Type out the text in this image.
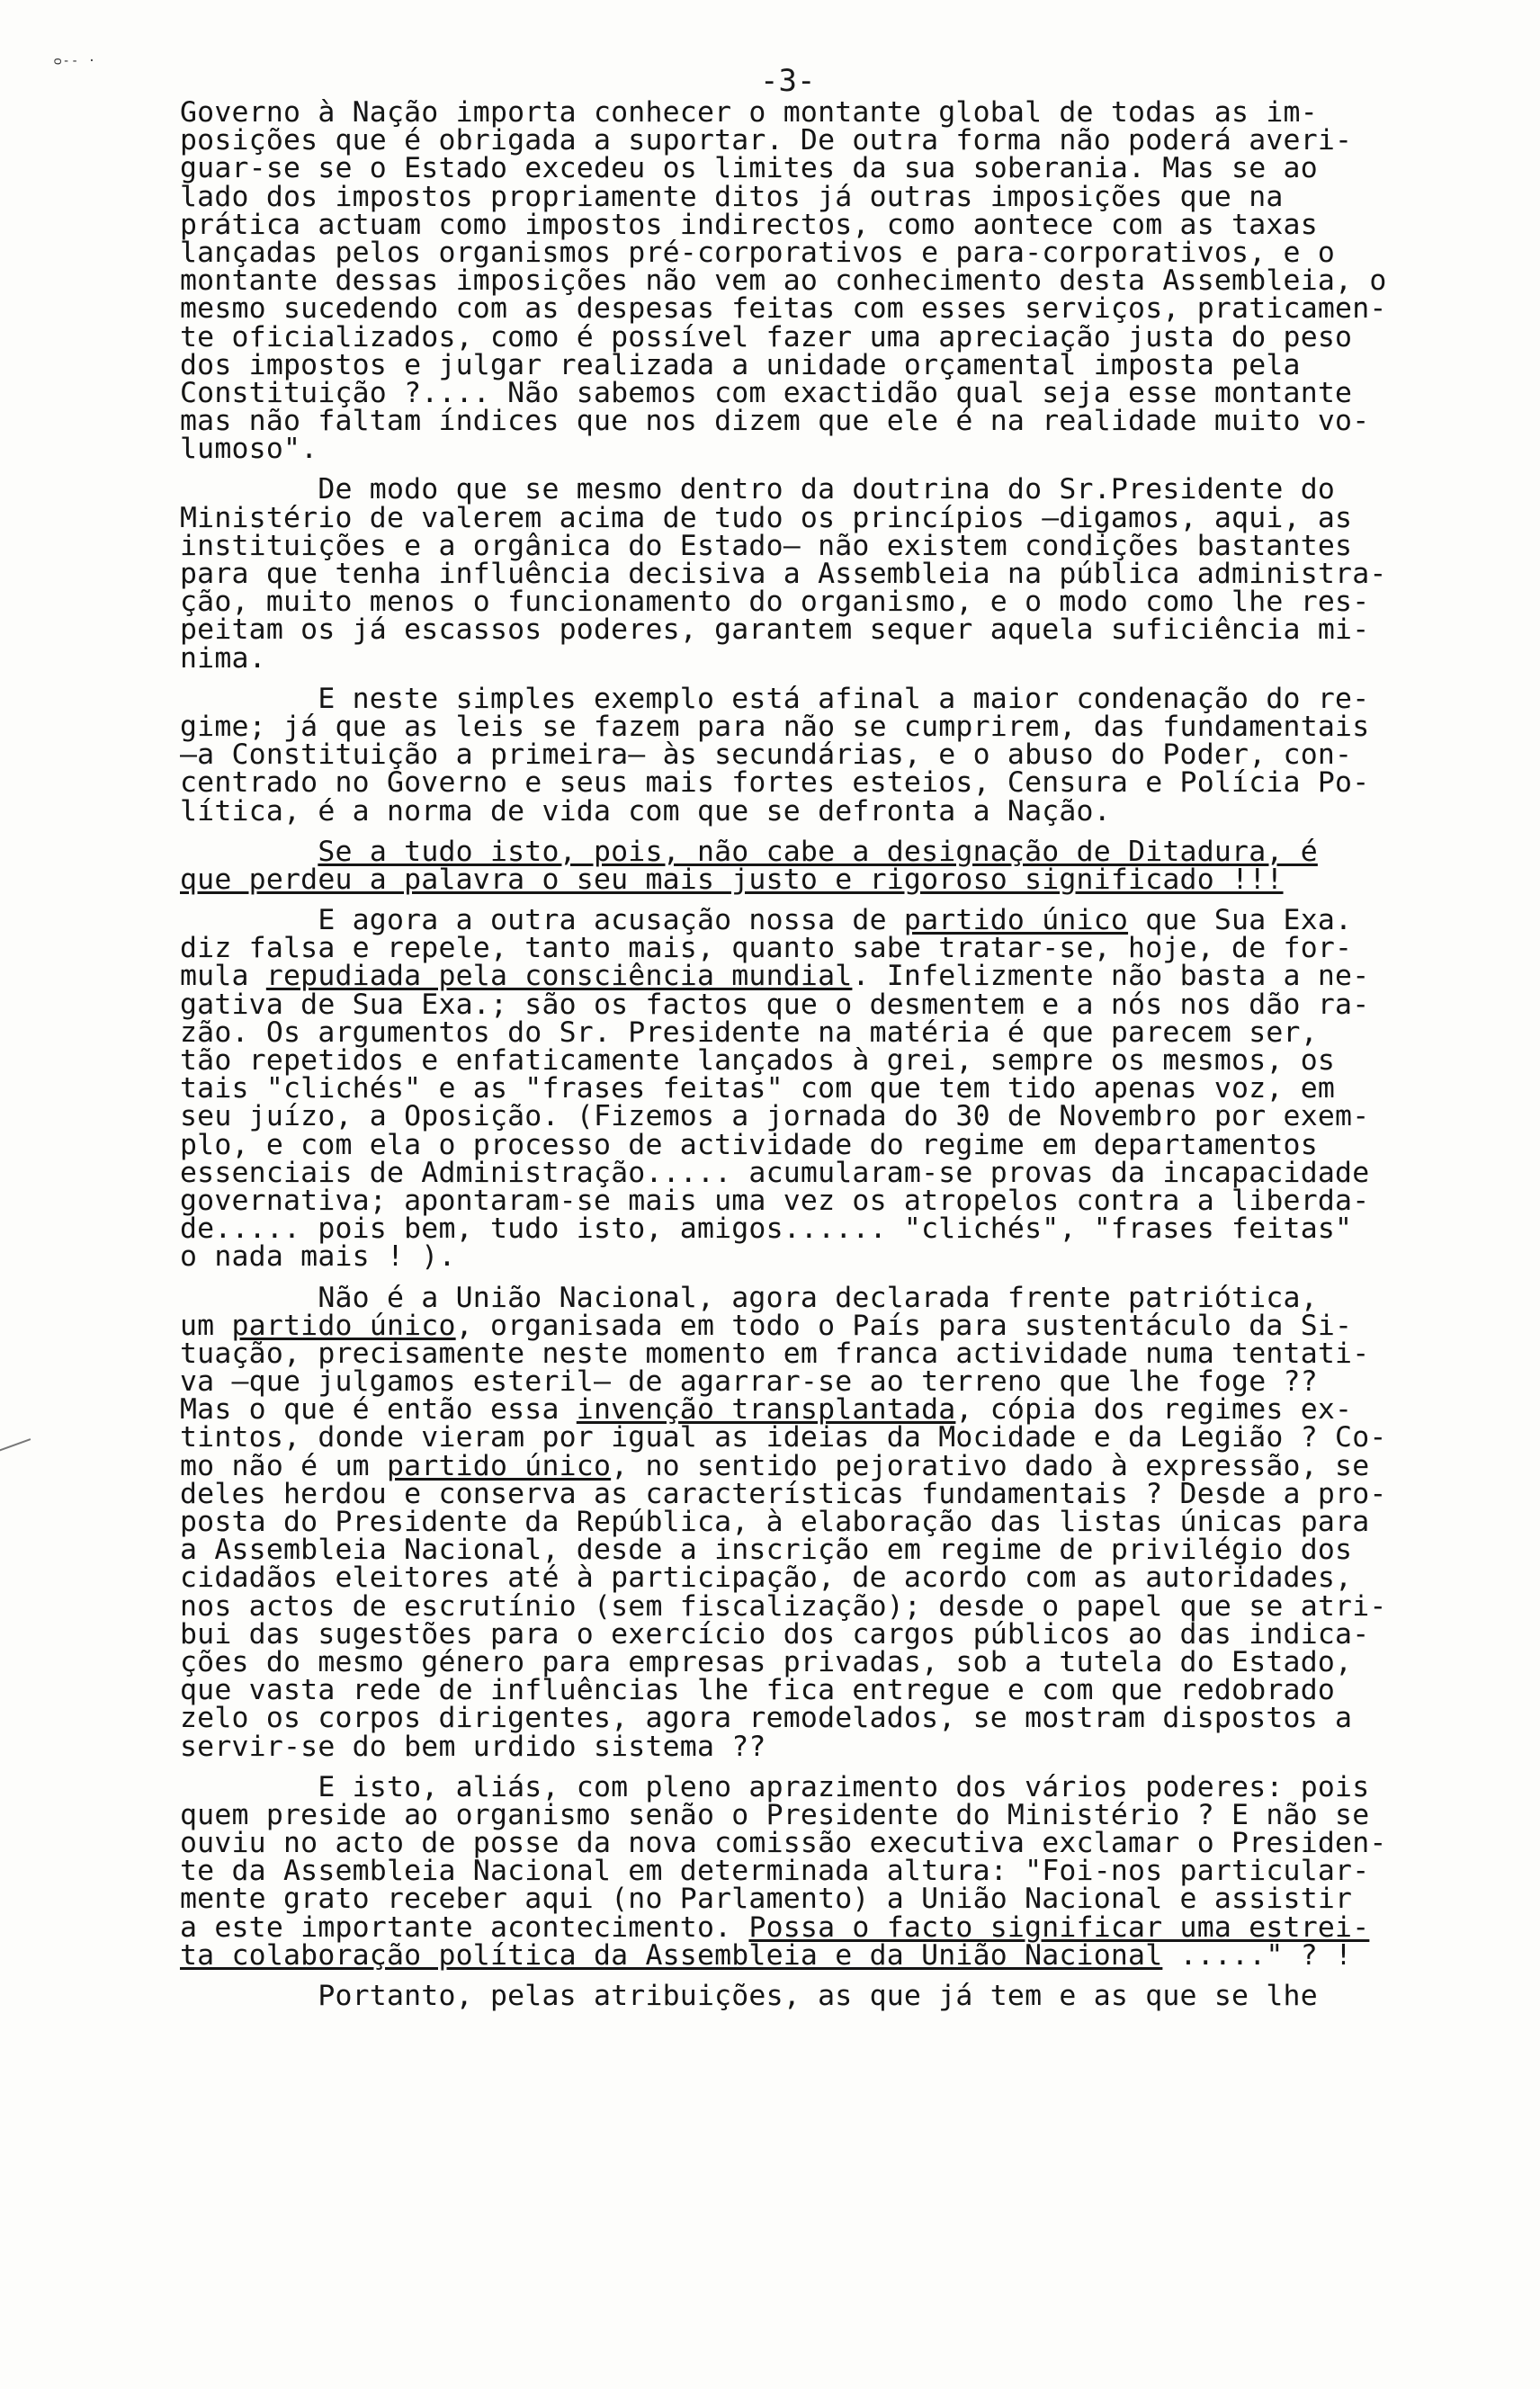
ᴑ-- ·
-3-
Governo à Nação importa conhecer o montante global de todas as im-
posições que é obrigada a suportar. De outra forma não poderá averi-
guar-se se o Estado excedeu os limites da sua soberania. Mas se ao
lado dos impostos propriamente ditos já outras imposições que na
prática actuam como impostos indirectos, como aontece com as taxas
lançadas pelos organismos pré-corporativos e para-corporativos, e o
montante dessas imposições não vem ao conhecimento desta Assembleia, o
mesmo sucedendo com as despesas feitas com esses serviços, praticamen-
te oficializados, como é possível fazer uma apreciação justa do peso
dos impostos e julgar realizada a unidade orçamental imposta pela
Constituição ?.... Não sabemos com exactidão qual seja esse montante
mas não faltam índices que nos dizem que ele é na realidade muito vo-
lumoso".
De modo que se mesmo dentro da doutrina do Sr.Presidente do
Ministério de valerem acima de tudo os princípios —digamos, aqui, as
instituições e a orgânica do Estado— não existem condições bastantes
para que tenha influência decisiva a Assembleia na pública administra-
ção, muito menos o funcionamento do organismo, e o modo como lhe res-
peitam os já escassos poderes, garantem sequer aquela suficiência mi-
nima.
E neste simples exemplo está afinal a maior condenação do re-
gime; já que as leis se fazem para não se cumprirem, das fundamentais
—a Constituição a primeira— às secundárias, e o abuso do Poder, con-
centrado no Governo e seus mais fortes esteios, Censura e Polícia Po-
lítica, é a norma de vida com que se defronta a Nação.
Se a tudo isto, pois, não cabe a designação de Ditadura, é
que perdeu a palavra o seu mais justo e rigoroso significado !!!
E agora a outra acusação nossa de partido único que Sua Exa.
diz falsa e repele, tanto mais, quanto sabe tratar-se, hoje, de for-
mula repudiada pela consciência mundial. Infelizmente não basta a ne-
gativa de Sua Exa.; são os factos que o desmentem e a nós nos dão ra-
zão. Os argumentos do Sr. Presidente na matéria é que parecem ser,
tão repetidos e enfaticamente lançados à grei, sempre os mesmos, os
tais "clichés" e as "frases feitas" com que tem tido apenas voz, em
seu juízo, a Oposição. (Fizemos a jornada do 30 de Novembro por exem-
plo, e com ela o processo de actividade do regime em departamentos
essenciais de Administração..... acumularam-se provas da incapacidade
governativa; apontaram-se mais uma vez os atropelos contra a liberda-
de..... pois bem, tudo isto, amigos...... "clichés", "frases feitas"
o nada mais ! ).
Não é a União Nacional, agora declarada frente patriótica,
um partido único, organisada em todo o País para sustentáculo da Si-
tuação, precisamente neste momento em franca actividade numa tentati-
va —que julgamos esteril— de agarrar-se ao terreno que lhe foge ??
Mas o que é então essa invenção transplantada, cópia dos regimes ex-
tintos, donde vieram por igual as ideias da Mocidade e da Legião ? Co-
mo não é um partido único, no sentido pejorativo dado à expressão, se
deles herdou e conserva as características fundamentais ? Desde a pro-
posta do Presidente da República, à elaboração das listas únicas para
a Assembleia Nacional, desde a inscrição em regime de privilégio dos
cidadãos eleitores até à participação, de acordo com as autoridades,
nos actos de escrutínio (sem fiscalização); desde o papel que se atri-
bui das sugestões para o exercício dos cargos públicos ao das indica-
ções do mesmo género para empresas privadas, sob a tutela do Estado,
que vasta rede de influências lhe fica entregue e com que redobrado
zelo os corpos dirigentes, agora remodelados, se mostram dispostos a
servir-se do bem urdido sistema ??
E isto, aliás, com pleno aprazimento dos vários poderes: pois
quem preside ao organismo senão o Presidente do Ministério ? E não se
ouviu no acto de posse da nova comissão executiva exclamar o Presiden-
te da Assembleia Nacional em determinada altura: "Foi-nos particular-
mente grato receber aqui (no Parlamento) a União Nacional e assistir
a este importante acontecimento. Possa o facto significar uma estrei-
ta colaboração política da Assembleia e da União Nacional ....." ? !
Portanto, pelas atribuições, as que já tem e as que se lhe
